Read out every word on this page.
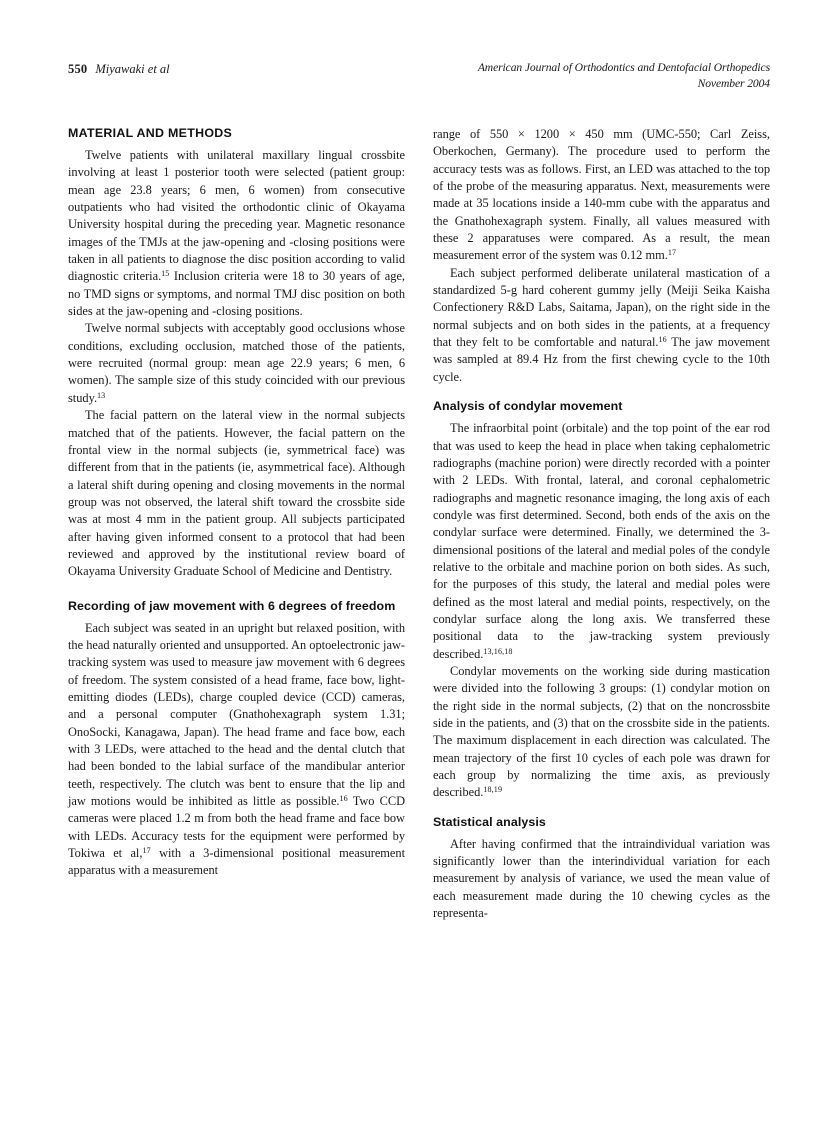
550 Miyawaki et al	American Journal of Orthodontics and Dentofacial Orthopedics
November 2004
MATERIAL AND METHODS

Twelve patients with unilateral maxillary lingual crossbite involving at least 1 posterior tooth were selected (patient group: mean age 23.8 years; 6 men, 6 women) from consecutive outpatients who had visited the orthodontic clinic of Okayama University hospital during the preceding year. Magnetic resonance images of the TMJs at the jaw-opening and -closing positions were taken in all patients to diagnose the disc position according to valid diagnostic criteria.$^{15}$ Inclusion criteria were 18 to 30 years of age, no TMD signs or symptoms, and normal TMJ disc position on both sides at the jaw-opening and -closing positions.

Twelve normal subjects with acceptably good occlusions whose conditions, excluding occlusion, matched those of the patients, were recruited (normal group: mean age 22.9 years; 6 men, 6 women). The sample size of this study coincided with our previous study.$^{13}$

The facial pattern on the lateral view in the normal subjects matched that of the patients. However, the facial pattern on the frontal view in the normal subjects (ie, symmetrical face) was different from that in the patients (ie, asymmetrical face). Although a lateral shift during opening and closing movements in the normal group was not observed, the lateral shift toward the crossbite side was at most 4 mm in the patient group. All subjects participated after having given informed consent to a protocol that had been reviewed and approved by the institutional review board of Okayama University Graduate School of Medicine and Dentistry.

Recording of jaw movement with 6 degrees of freedom

Each subject was seated in an upright but relaxed position, with the head naturally oriented and unsupported. An optoelectronic jaw-tracking system was used to measure jaw movement with 6 degrees of freedom. The system consisted of a head frame, face bow, light-emitting diodes (LEDs), charge coupled device (CCD) cameras, and a personal computer (Gnathohexagraph system 1.31; OnoSocki, Kanagawa, Japan). The head frame and face bow, each with 3 LEDs, were attached to the head and the dental clutch that had been bonded to the labial surface of the mandibular anterior teeth, respectively. The clutch was bent to ensure that the lip and jaw motions would be inhibited as little as possible.$^{16}$ Two CCD cameras were placed 1.2 m from both the head frame and face bow with LEDs. Accuracy tests for the equipment were performed by Tokiwa et al,$^{17}$ with a 3-dimensional positional measurement apparatus with a measurement

range of 550 × 1200 × 450 mm (UMC-550; Carl Zeiss, Oberkochen, Germany). The procedure used to perform the accuracy tests was as follows. First, an LED was attached to the top of the probe of the measuring apparatus. Next, measurements were made at 35 locations inside a 140-mm cube with the apparatus and the Gnathohexagraph system. Finally, all values measured with these 2 apparatuses were compared. As a result, the mean measurement error of the system was 0.12 mm.$^{17}$

Each subject performed deliberate unilateral mastication of a standardized 5-g hard coherent gummy jelly (Meiji Seika Kaisha Confectionery R&D Labs, Saitama, Japan), on the right side in the normal subjects and on both sides in the patients, at a frequency that they felt to be comfortable and natural.$^{16}$ The jaw movement was sampled at 89.4 Hz from the first chewing cycle to the 10th cycle.

Analysis of condylar movement

The infraorbital point (orbitale) and the top point of the ear rod that was used to keep the head in place when taking cephalometric radiographs (machine porion) were directly recorded with a pointer with 2 LEDs. With frontal, lateral, and coronal cephalometric radiographs and magnetic resonance imaging, the long axis of each condyle was first determined. Second, both ends of the axis on the condylar surface were determined. Finally, we determined the 3-dimensional positions of the lateral and medial poles of the condyle relative to the orbitale and machine porion on both sides. As such, for the purposes of this study, the lateral and medial poles were defined as the most lateral and medial points, respectively, on the condylar surface along the long axis. We transferred these positional data to the jaw-tracking system previously described.$^{13,16,18}$

Condylar movements on the working side during mastication were divided into the following 3 groups: (1) condylar motion on the right side in the normal subjects, (2) that on the noncrossbite side in the patients, and (3) that on the crossbite side in the patients. The maximum displacement in each direction was calculated. The mean trajectory of the first 10 cycles of each pole was drawn for each group by normalizing the time axis, as previously described.$^{18,19}$

Statistical analysis

After having confirmed that the intraindividual variation was significantly lower than the interindividual variation for each measurement by analysis of variance, we used the mean value of each measurement made during the 10 chewing cycles as the representa-
